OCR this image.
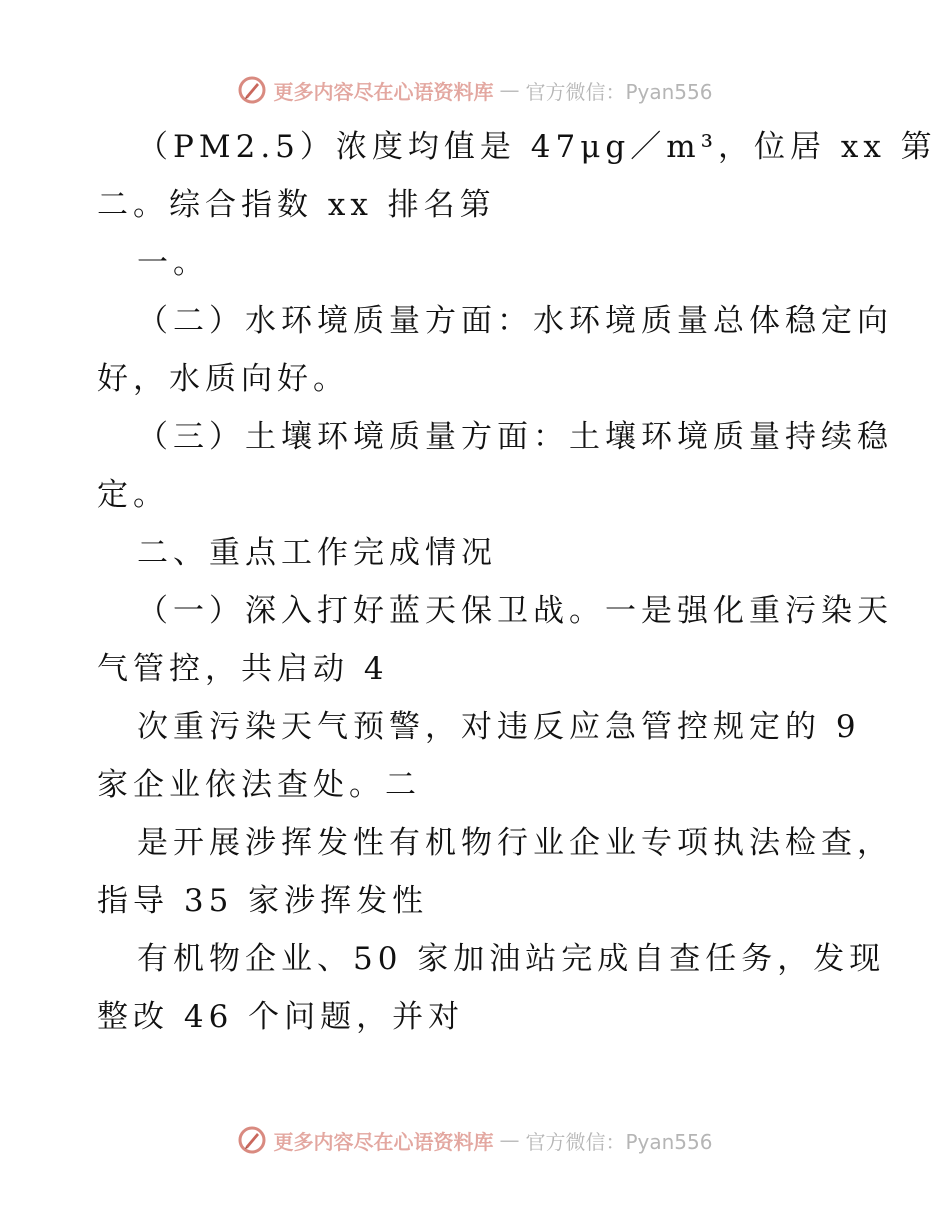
更多内容尽在心语资料库 — 官方微信：Pyan556
（PM2.5）浓度均值是 47μg／m³，位居 xx 第
二。综合指数 xx 排名第
一。
（二）水环境质量方面：水环境质量总体稳定向
好，水质向好。
（三）土壤环境质量方面：土壤环境质量持续稳
定。
二、重点工作完成情况
（一）深入打好蓝天保卫战。一是强化重污染天
气管控，共启动 4
次重污染天气预警，对违反应急管控规定的 9
家企业依法查处。二
是开展涉挥发性有机物行业企业专项执法检查，
指导 35 家涉挥发性
有机物企业、50 家加油站完成自查任务，发现
整改 46 个问题，并对
更多内容尽在心语资料库 — 官方微信：Pyan556
